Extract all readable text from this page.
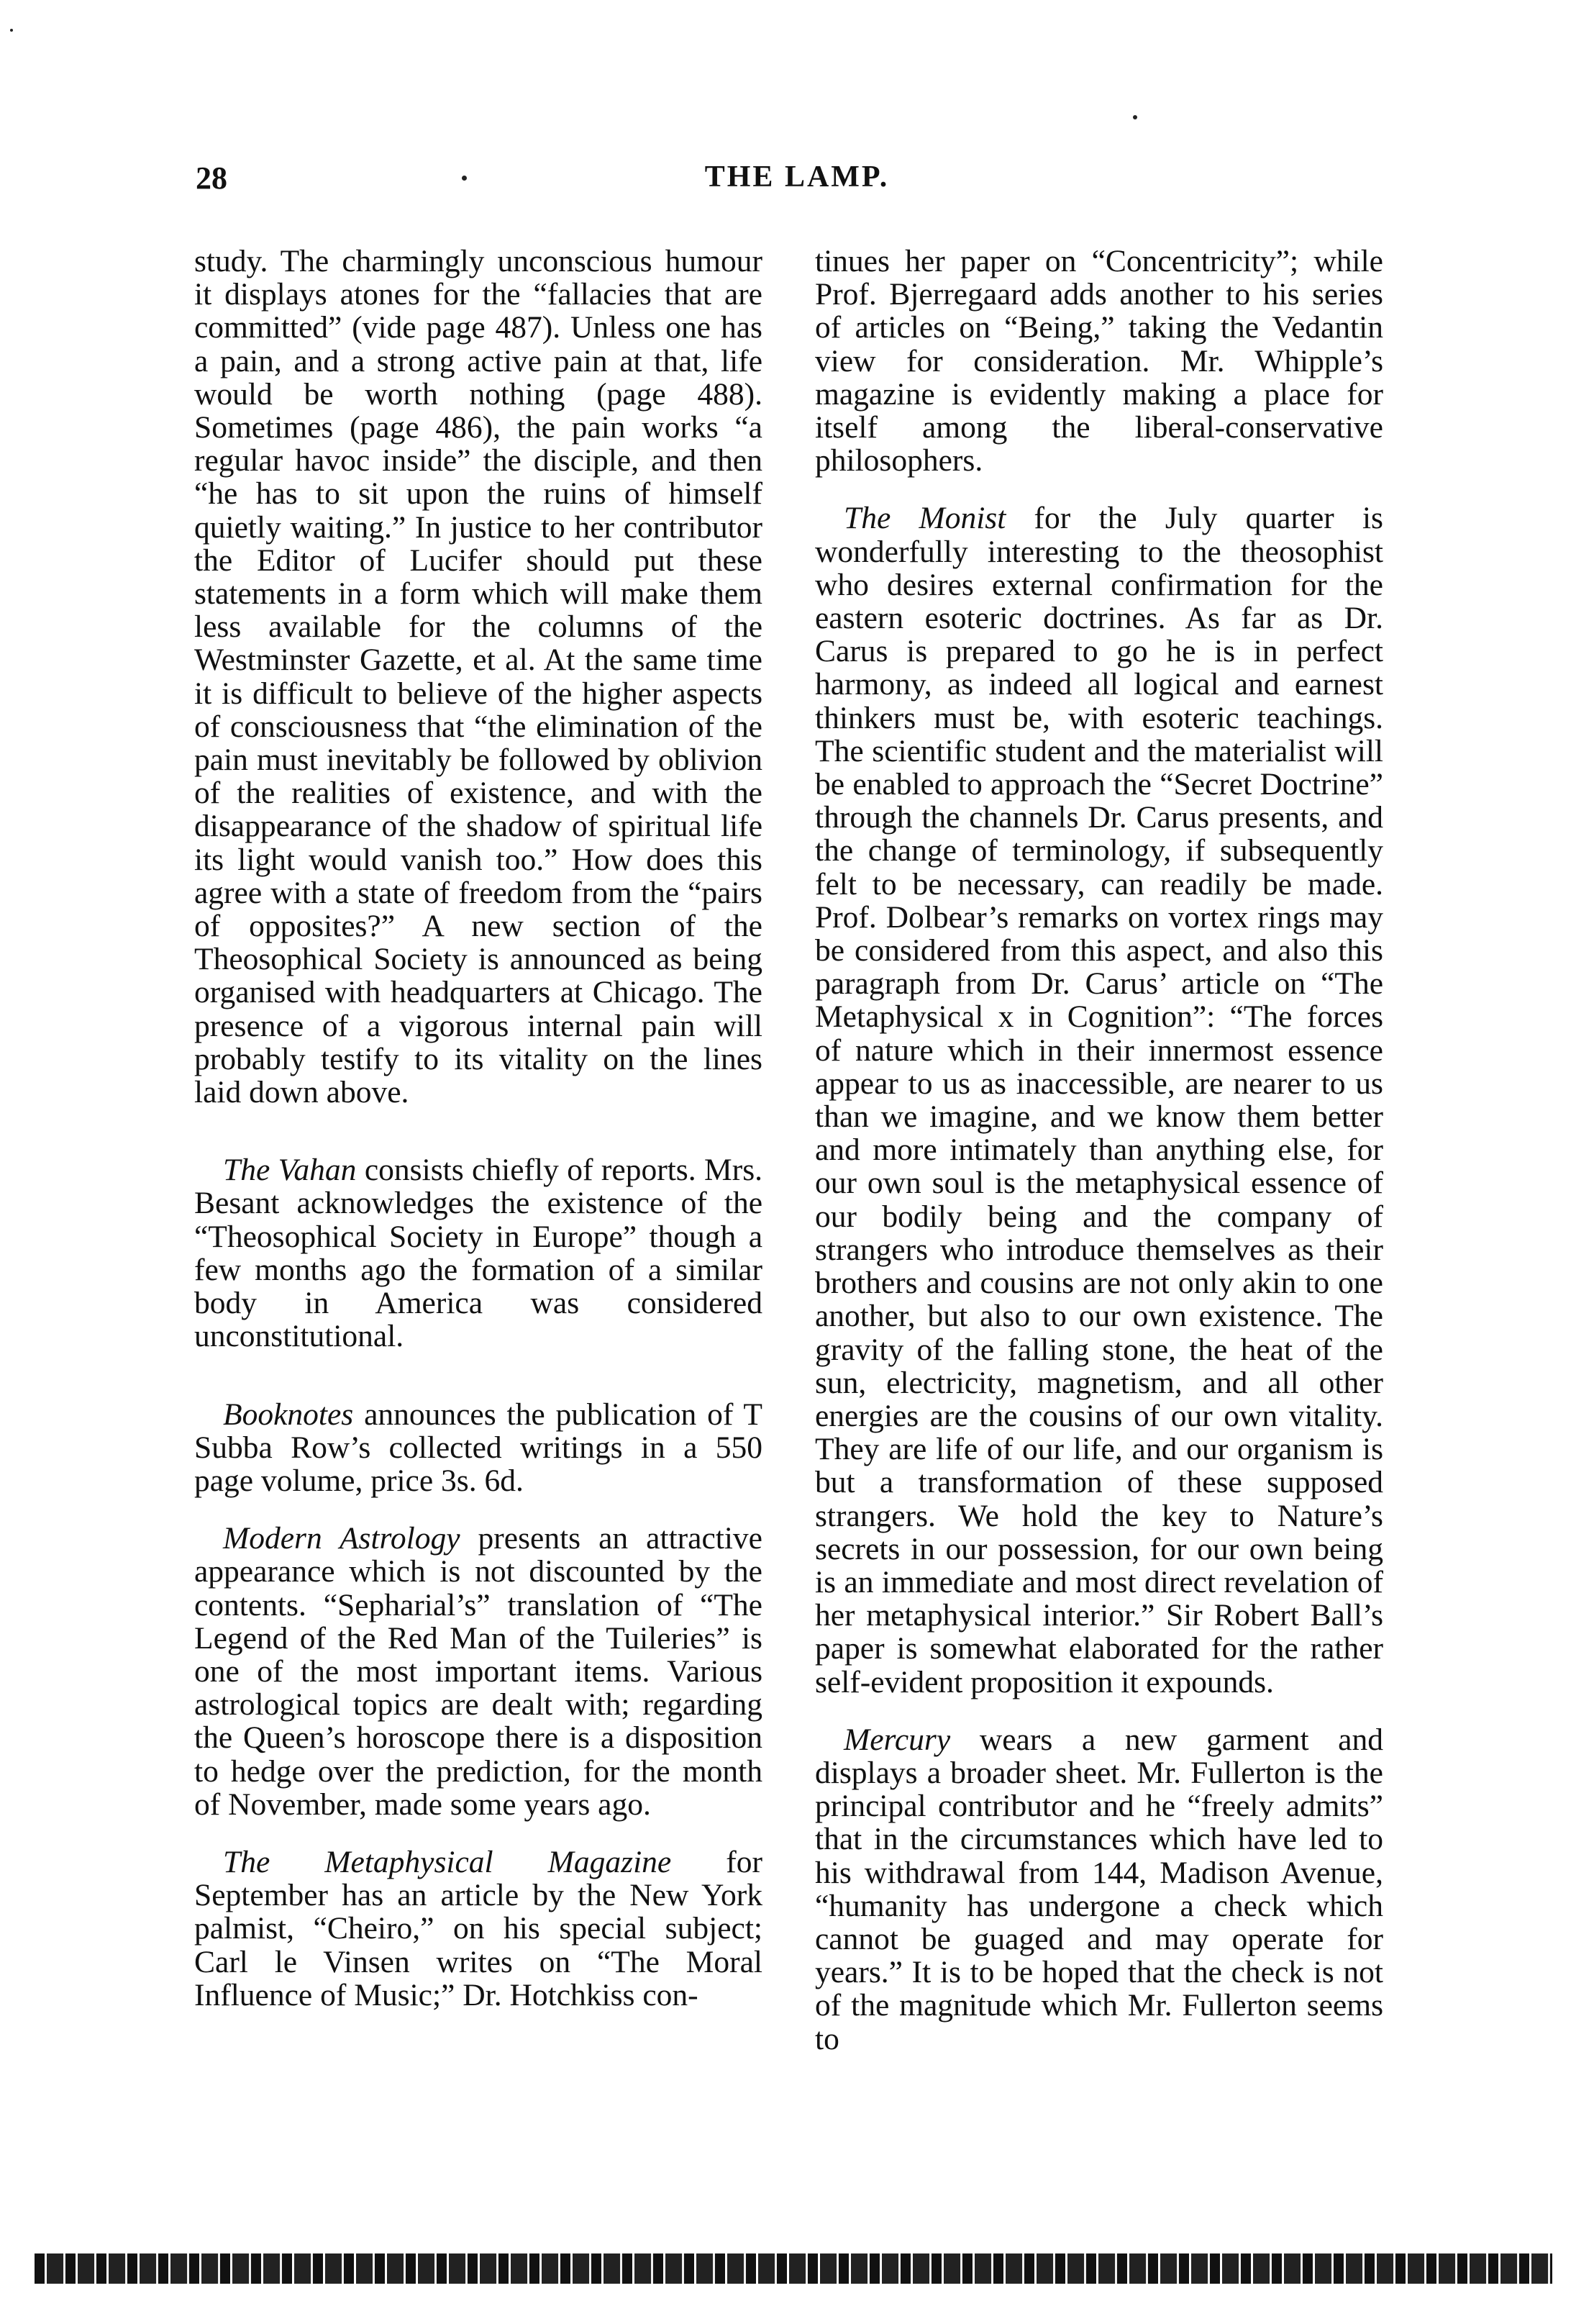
28	THE LAMP.

study. The charmingly unconscious humour it displays atones for the “fallacies that are committed” (vide page 487). Unless one has a pain, and a strong active pain at that, life would be worth nothing (page 488). Sometimes (page 486), the pain works “a regular havoc inside” the disciple, and then “he has to sit upon the ruins of himself quietly waiting.” In justice to her contributor the Editor of Lucifer should put these statements in a form which will make them less available for the columns of the Westminster Gazette, et al. At the same time it is difficult to believe of the higher aspects of consciousness that “the elimination of the pain must inevitably be followed by oblivion of the realities of existence, and with the disappearance of the shadow of spiritual life its light would vanish too.” How does this agree with a state of freedom from the “pairs of opposites?” A new section of the Theosophical Society is announced as being organised with headquarters at Chicago. The presence of a vigorous internal pain will probably testify to its vitality on the lines laid down above.

The Vahan consists chiefly of reports. Mrs. Besant acknowledges the existence of the “Theosophical Society in Europe” though a few months ago the formation of a similar body in America was considered unconstitutional.

Booknotes announces the publication of T Subba Row’s collected writings in a 550 page volume, price 3s. 6d.

Modern Astrology presents an attractive appearance which is not discounted by the contents. “Sepharial’s” translation of “The Legend of the Red Man of the Tuileries” is one of the most important items. Various astrological topics are dealt with; regarding the Queen’s horoscope there is a disposition to hedge over the prediction, for the month of November, made some years ago.

The Metaphysical Magazine for September has an article by the New York palmist, “Cheiro,” on his special subject; Carl le Vinsen writes on “The Moral Influence of Music;” Dr. Hotchkiss con-

tinues her paper on “Concentricity”; while Prof. Bjerregaard adds another to his series of articles on “Being,” taking the Vedantin view for consideration. Mr. Whipple’s magazine is evidently making a place for itself among the liberal-conservative philosophers.

The Monist for the July quarter is wonderfully interesting to the theosophist who desires external confirmation for the eastern esoteric doctrines. As far as Dr. Carus is prepared to go he is in perfect harmony, as indeed all logical and earnest thinkers must be, with esoteric teachings. The scientific student and the materialist will be enabled to approach the “Secret Doctrine” through the channels Dr. Carus presents, and the change of terminology, if subsequently felt to be necessary, can readily be made. Prof. Dolbear’s remarks on vortex rings may be considered from this aspect, and also this paragraph from Dr. Carus’ article on “The Metaphysical x in Cognition”: “The forces of nature which in their innermost essence appear to us as inaccessible, are nearer to us than we imagine, and we know them better and more intimately than anything else, for our own soul is the metaphysical essence of our bodily being and the company of strangers who introduce themselves as their brothers and cousins are not only akin to one another, but also to our own existence. The gravity of the falling stone, the heat of the sun, electricity, magnetism, and all other energies are the cousins of our own vitality. They are life of our life, and our organism is but a transformation of these supposed strangers. We hold the key to Nature’s secrets in our possession, for our own being is an immediate and most direct revelation of her metaphysical interior.” Sir Robert Ball’s paper is somewhat elaborated for the rather self-evident proposition it expounds.

Mercury wears a new garment and displays a broader sheet. Mr. Fullerton is the principal contributor and he “freely admits” that in the circumstances which have led to his withdrawal from 144, Madison Avenue, “humanity has undergone a check which cannot be guaged and may operate for years.” It is to be hoped that the check is not of the magnitude which Mr. Fullerton seems to
